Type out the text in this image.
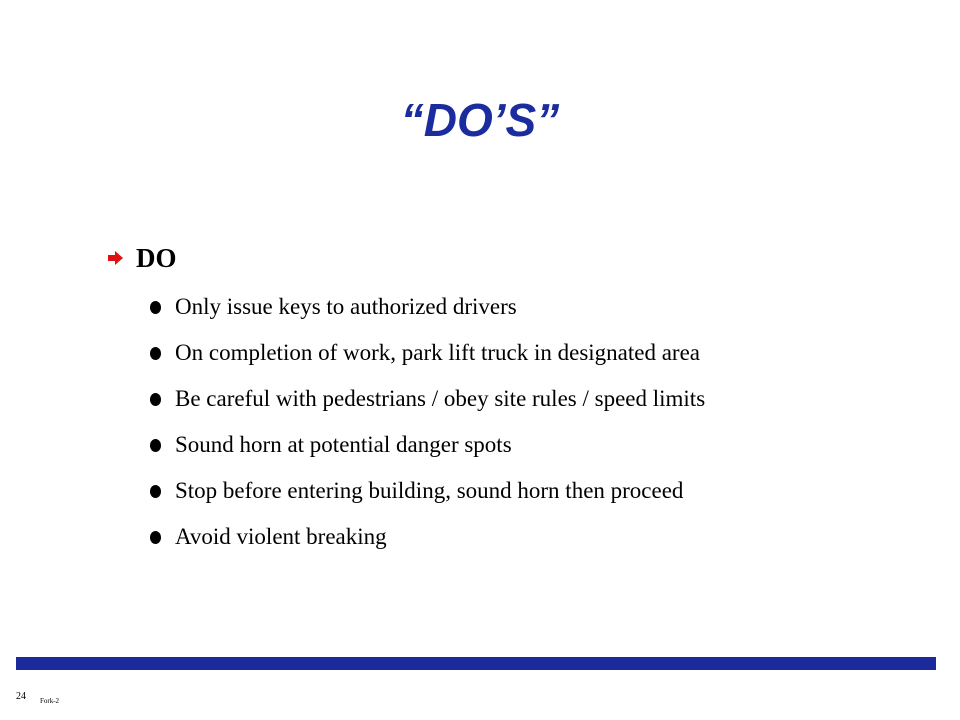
“DO’S”
DO
Only issue keys to authorized drivers
On completion of work, park lift truck in designated area
Be careful with pedestrians / obey site rules / speed limits
Sound horn at potential danger spots
Stop before entering building, sound horn then proceed
Avoid violent breaking
24 Fork-2
